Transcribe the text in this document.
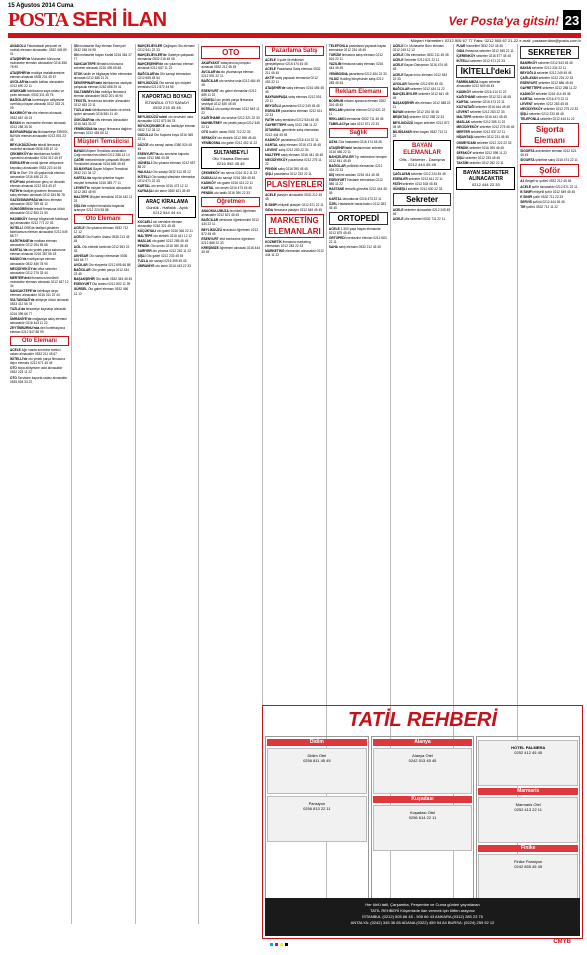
15 Ağustos 2014 Cuma
POSTA SERİ İLAN	Ver Posta'ya gitsin! 23
Müşteri Hizmetleri: 0212 505 67 77 Faks: 0212 505 67 21-22 e-mail: postaseriilan@posta.com.tr

ANADOLU Fakamasaki personel ve mutfak elemanı alınacaktır. 0532 445 89 01

ATAŞEHİR'de Muhasebe bürosuna muhasebe elemanı alınacaktır 0216 456 78 90

ATAŞEHİR'de mobilya imalathanesine eleman alınacak 0535 231 45 67

AVCILAR'da kuaför kalfası alınacaktır 0212 690 22 11

AYAKKABI fabrikasına saya ustası ve çırak alınacak. 0532 311 45 78

BAĞCILAR'da konfeksiyon atölyesine overlokçu bayan alınacak 0212 433 21 09

BAKIRKÖY'de ofis eleman alınacak. 0532 667 45 23

BAYAN ev muhasebe elemanı alınacak 0212 258 35 20

BAYRAMPAŞA'da Muhasebeye ERKEK, BAYAN eleman alınacaktır 0212 501 23 45

BEYLİKDÜZÜ'nde tekstil firmasına modelist alınacak 0536 345 67 12

ÇEKMEKÖY'de fabrikamıza forklift operatörü alınacaktır 0216 312 45 67

ESENLER'de metal işleme atölyesine kaynakçı alınacaktır 0533 223 44 55

ETA ile Eta+ 2% 45 yaşlarında eleman alınacaktır 0216 456 21 21

EYÜP'teki şirketimize genç ve dinamik eleman alınacak 0212 615 45 67

FATİH'te faaliyet gösteren firmamıza satış elemanı alınacak 0212 534 56 78

GAZİOSMANPAŞA'da büro elemanı alınacaktır 0532 789 45 12

GÜNGÖREN'de tekstil firmasına ütücü alınacaktır 0212 553 21 90

HADIMKÖY Sanayi bölgesinde fabrikaya işçi alınacaktır 0212 771 22 33

İKİTELLİ OSB'de faaliyet gösteren fabrikamıza eleman alınacaktır 0212 549 88 77

KAĞITHANE'de matbaa elemanı alınacaktır 0212 294 55 66

KARTAL'da oto yedek parça satıcısına eleman alınacak 0216 387 65 43

MASKO'da mobilyacıya eleman alınacaktır 0532 456 78 90

MECİDİYEKÖY'de ofise sekreter alınacaktır 0212 275 33 44

MERTER'deki firmamıza tecrübeli muhasebe elemanı alınacak 0212 637 12 34

SANCAKTEPE'de fabrikaya depo elemanı alınacaktır 0216 311 22 44

SULTANGAZİ'de atölyeye ütücü alınacak 0533 412 56 78

TUZLA'da tersaneye kaynakçı alınacak 0216 395 66 77

ÜMRANİYE'de mağazaya satış elemanı alınacaktır 0216 443 11 22

ZEYTİNBURNU'nda deri konfeksiyona eleman 0212 547 88 99

Oto Elemanı

ACELE Ağır vasıta servisine tamirci ustası alınacaktır 0532 211 45 67

İKİTELLİ'de oto yedek parça firmasına depo elemanı 0212 671 45 45

OTO boya atölyesine usta alınacaktır 0532 223 11 22

OTO Servisine kaporta ustası alınacaktır 0535 554 33 22

ON muhasebe Bay eleman Esenyurt 0532 248 04 95

ON muhasebe bayan Kartal 0216 364 37 77

SANCAKTEPE Mimarlık bürosuna sekreter alınacak 0216 499 65 88

STOK takibi ve bilgisayar bilen elemanlar alınacak 0212 486 21 21

SEKERPINAR'daki fabrikamıza vardiyalı çalışacak eleman 0262 658 29 41

SULTANBEYLİ'de mobilya firmasına eleman alınacaktır 0532 201 45 90

TEKSTİL firmamıza sekreter alınacaktır 0212 453 22 11

TUZLA'daki fabrikamıza kadın ve erkek işçiler alınacak 0216 581 11 40

ÜSKÜDAR'da ofis elemanı alınacaktır 0216 343 33 22

YENİBOSNA'da kargo firmasına dağıtım elemanı 0212 454 65 12

Müşteri Temsilcisi

BAYAN Müşteri Temsilcisi alınacaktır. Çağrı merkezi tecrübeli 0212 288 14 14

ÇAĞRI merkezimizde çalışacak Müşteri Temsilcileri alınacak 0216 665 45 45

DİLBAYRAK Bayan Müşteri Temsilcisi 0532 211 34 12

KARTAL'da sigorta şirketine bayan müşteri temsilcisi 0216 389 77 11

LEVENT'te müşteri temsilcisi alınacaktır 0212 283 45 90

MALTEPE Müşteri temsilcisi 0216 442 11 23

ŞİŞLİ'de müşteri temsilcisi bayanlar aranıyor 0212 224 55 88

Oto Elemanı

ACELE Oto yıkama elemanı 0532 712 12 12

ACELE Oto Kuaför Ustası 0535 213 45 45

ACİL Oto elektrik tamircisi 0212 553 22 33

AKHİSAR Oto sanayi elemanlar 0536 545 66 77

AVCILAR Oto ekspertiz 0212 695 66 88

BAĞCILAR Oto yedek parça 0212 434 23 45

BAŞAKŞEHİR Oto lastik 0532 345 45 45

ESENYURT Oto tamirci 0212 852 11 99

GÜRSEL Oto galeri elemanı 0532 456 12 12

BAHÇELİEVLER Çağlayan Oto elemanı 0212 641 22 33

BAHÇELİEVLER'de Galeriye çalışacak elemanlar 0532 216 45 45

BAHÇEŞEHİR'de oto yıkamacı eleman alınacak 0212 687 11 22

BAĞCILAR'da Oto sanayi elemanları 0212 655 45 54

BEYLİKDÜZÜ Oto servisi için müşteri temsilcisi 0212 872 44 55

KAPORTACI BOYACI
İSTANBUL OTO SANAYİ
0532 216 45 45

BEYLİKDÜZÜ'ndeki oto servisine usta alınacaktır 0212 873 56 78

BÜYÜKÇEKMECE oto lastikçiye eleman 0532 712 34 12

DUDULLU Oto Kaporta boya 0216 365 22 11

DÜZCE oto sanayi ustası 0380 524 45 45

ESENYURT'ta oto servisine kaporta ustası 0212 886 44 55

GÜNEŞLİ Oto yıkama elemanı 0212 657 88 22

HALKALI Oto sanayi 0532 312 45 12

İKİTELLİ Oto sanayi sitesinde elemanlar 0212 671 22 33

KARTAL oto servis 0216 473 12 12

KAYNAŞLI oto tamir 0380 621 45 45

ARAÇ KİRALAMA
Günlük - Haftalık - Aylık
0212 544 44 44

KOCAELİ oto servisine eleman alınacaktır 0262 321 45 45

KÜÇÜKYALI oto galeri 0216 366 22 11

MALTEPE oto elektrik 0216 441 12 12

MASLAK oto galeri 0212 285 45 45

PENDİK Oto servis 0216 390 45 45

SARIYER oto yıkama 0212 262 11 22

ŞİŞLİ Oto galeri 0212 233 45 45

TUZLA oto sanayi 0216 395 45 45

ÜMRANİYE oto tamir 0216 443 22 33

OTO

AKARYAKIT istasyonuna pompacı alınacak 0532 212 45 45

AVCILAR'da oto yıkamacıya eleman 0212 591 22 11

BAĞCILAR oto servise usta 0212 464 45 45

ESENYURT oto galeri elemanları 0212 689 11 22

GÜNEŞLİ oto yedek parça firmasına sevkiyat 0212 630 45 45

İKİTELLİ oto sanayi eleman 0212 549 11 22

KAĞITHANE oto servise 0212 321 22 33

MAHMUTBEY oto yedek parça 0212 445 22 11

OTO kuaför ustası 0532 712 22 33

SEFAKÖY oto elektrik 0212 598 45 45

YENİBOSNA oto galeri 0212 452 11 22

SULTANBEYLİ
Oto Yıkama Elemanı
0216 592 45 45

ÇEKMEKÖY oto servis 0216 312 11 22

DUDULLU oto sanayi 0216 365 45 45

KADIKÖY oto galeri 0216 414 22 11

KARTAL oto servis 0216 473 45 45

PENDİK oto lastik 0216 390 22 33

Öğretmen

ANAOKULUMUZA tecrübeli öğretmen alınacaktır 0212 621 45 45

BAĞCILAR dershane öğretmenleri 0212 434 22 11

BEYLİKDÜZÜ anaokulu öğretmen 0212 872 45 45

ESENYURT etüt merkezine öğretmen 0212 886 22 33

KREŞİMİZE öğretmen alınacak 0216 444 45 45

Pazarlama Satış

ACELE 3 şube ile ekibimizi genişletiyoruz 0216 474 45 45

ACELE Pazarlama Satış elemanı 0532 211 45 45

AKTİF satış yapacak elemanlar 0212 453 22 11

ATAŞEHİR'de satış elemanı 0216 456 45 45

BAYRAMPAŞA satış elemanı 0212 501 22 11

BEYOĞLU pazarlama 0212 249 45 45

ESENLER pazarlama elemanı 0212 611 22 33

FATİH satış temsilcisi 0212 534 45 45

GAYRETTEPE satış 0212 288 11 22

İSTANBUL genelinde satış elemanları 0212 444 45 45

KADIKÖY pazarlama 0216 414 22 11

KARTAL satış elemanı 0216 473 45 45

LEVENT satış 0212 283 22 33

MALTEPE satış elemanı 0216 441 45 45

MECİDİYEKÖY pazarlama 0212 275 11 22

PENDİK satış 0216 390 45 45

ŞİŞLİ pazarlama 0212 233 22 11

PLASİYERLER

ACELE plasiyer alınacaktır 0532 212 45 45

B SINIFI ehliyetli plasiyer 0212 671 22 11

GIDA firmasına plasiyer 0212 549 45 45

MARKETİNG ELEMANLARI

KOZMETİK firmasına marketing elemanları 0212 283 22 33

MARKETING elemanları alınacaktır 0212 444 11 22

TELEFONLA pazarlama yapacak bayan elemanlar 0212 234 45 45

TURİZM firmasına satış elemanı 0212 516 22 11

YAZILIM firmasına satış elemanı 0216 444 45 45

YENİBOSNA pazarlama 0212 454 22 33

YILDIZ Holding bünyesinde satış 0212 285 45 45

Reklam Elemanı

BODRUM reklam ajansına eleman 0252 316 45 45

REKLAM şirketine eleman 0212 621 22 11

REKLAMCI elemanlar 0532 711 45 45

TABELACI'ya usta 0212 671 22 33

Sağlık

ASYA Göz hastanesi 0216 474 45 45

ATAŞEHİR'deki hastanemize sekreter 0216 456 22 11

BAHÇELİEVLER Tıp merkezine hemşire 0212 641 45 45

BAĞCILAR poliklinik elemanları 0212 434 22 33

DİŞ hekimi asistanı 0216 414 45 45

ESENYURT Hastane elemanları 0212 886 11 22

HASTANE temizlik görevlisi 0212 444 45 45

KARTAL laboratuvar 0216 473 22 11

ÖZEL Hastanede hasta bakıcı 0212 283 45 45

ORTOPEDİ

ACELE 1-500 yaşlı bayan elemanlar 0212 875 45 45

ORTOPEDİ merkezine eleman 0212 663 22 11

SAHA satış elemanı 0532 212 45 45

ACELE Dr. Muhasebe Büro elemanı 0212 245 12 12

ACELE Ofis elemanları 0532 211 45 45

ACELE Sekreter 0212 621 22 11

ACELE Bayan Danışman 0216 474 45 45

ACELE Bayan büro elemanı 0212 453 22 33

AVCILAR Sekreter 0212 690 45 45

BAĞCILAR sekreter 0212 434 11 22

BAHÇELİEVLER sekreter 0212 641 45 45

BAŞAKŞEHİR ofis elemanı 0212 488 22 11

BAYAN sekreter 0212 234 45 45

BEŞİKTAŞ sekreter 0212 258 22 33

BEYLİKDÜZÜ bayan sekreter 0212 872 45 45

BİLGİSAYAR bilen bayan 0532 712 11 22

BAYAN ELEMANLAR
Ofis - Sekreter - Danışma
0212 444 45 45

ÇAĞLAYAN sekreter 0212 224 45 45

ESENLER sekreter 0212 611 22 11

FATİH sekreter 0212 534 45 45

GÜNEŞLİ sekreter 0212 630 22 33

Sekreter

ACELE sekreter alınacaktır 0212 245 45 45

ACELE ofis sekreteri 0532 711 22 11

FUAR hizmetleri 0532 212 45 45

GIDA firmasına sekreter 0212 549 22 11

İÇERENKÖY sekreter 0216 577 45 45

İKİTELLİ sekreter 0212 671 22 33

İKİTELLİ'deki

FABRİKAMIZA bayan sekreter alınacaktır 0212 549 45 45

KADIKÖY sekreter 0216 414 11 22

KAĞITHANE sekreter 0212 321 45 45

KARTAL sekreter 0216 473 22 11

KOZYATAĞI sekreter 0216 444 45 45

LEVENT sekreter 0212 283 22 33

MALTEPE sekreter 0216 441 45 45

MASLAK sekreter 0212 285 11 22

MECİDİYEKÖY sekreter 0212 275 45 45

MERTER sekreter 0212 637 22 11

NİŞANTAŞI sekreter 0212 231 45 45

OKMEYDANI sekreter 0212 222 22 33

PENDİK sekreter 0216 390 45 45

SEFAKÖY sekreter 0212 598 11 22

ŞİŞLİ sekreter 0212 233 45 45

TAKSİM sekreter 0212 252 22 11

BAYAN SEKRETER ALINACAKTIR
0212 444 22 33
SEKRETER

BAKIRKÖY sekreter 0212 543 45 45

BAYAN sekreter 0212 234 22 11

BEYOĞLU sekreter 0212 249 45 45

ÇAĞLAYAN sekreter 0212 224 22 33

ESENYURT sekreter 0212 886 45 45

GAYRETTEPE sekreter 0212 288 11 22

KADIKÖY sekreter 0216 414 45 45

KARTAL sekreter 0216 473 22 11

LEVENT sekreter 0212 283 45 45

MECİDİYEKÖY sekreter 0212 275 22 33

ŞİŞLİ sekreter 0212 233 45 45

TELEFONLA sekreter 0212 444 11 22

Sigorta Elemanı

SİGORTA acentesine eleman 0212 621 45 45

SİGORTA şirketine satış 0216 474 22 11

Şoför

A1 Belgeli tır şoförü 0532 212 45 45

ACELE şoför alınacaktır 0212 671 22 11

B SINIFI ehliyetli şoför 0212 549 45 45

E SINIFI şoför 0532 711 22 33

SERVİS şoförü 0212 444 45 45

TIR şoförü 0532 712 11 22

TATİL REHBERİ
Didim
Didim Otel
0256 811 45 45
Pansiyon
0256 813 22 11
Alanya
Alanya Otel
0242 513 45 45
Kuşadası
Kuşadası Otel
0256 614 22 11
HOTEL PALMERA
0252 412 45 45
Marmaris
Marmaris Otel
0252 413 22 11
Finike
Finike Pansiyon
0242 855 45 45
Her türlü tatil, Çarşamba, Perşembe ve Cuma günleri yayınlanan
TATİL REHBERİ Köşemizde ilan vermek için lütfen arayınız
İSTANBUL (0212) 505 66 45 - 505 66 43 ANKARA (0312) 285 23 75
ANTALYA: (0242) 345 36 65 ADANA (0322) 459 54 84 BURSA: (0224) 259 92 12
CMYB
